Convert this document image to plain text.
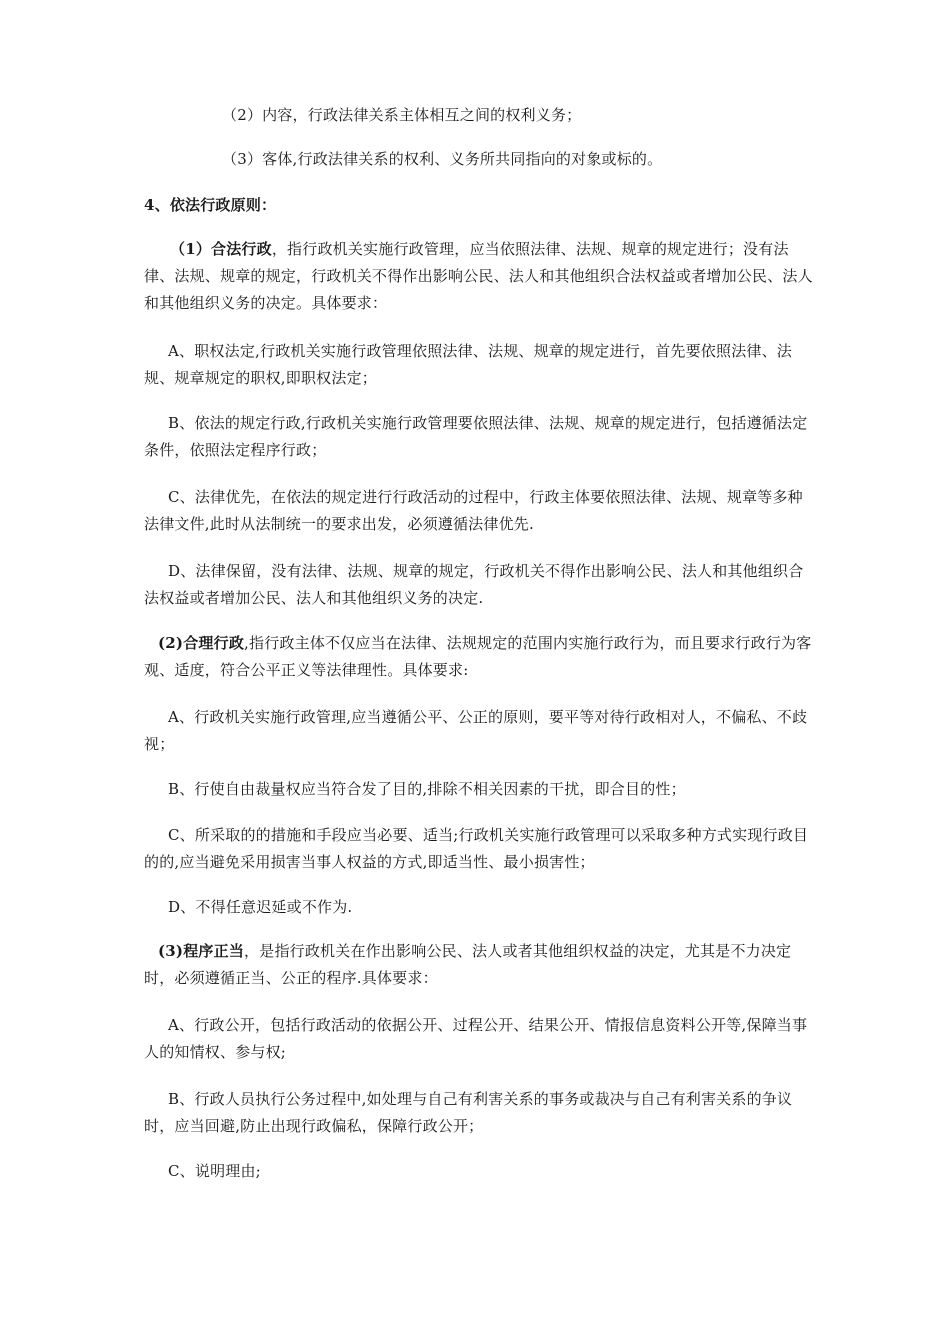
（2）内容，行政法律关系主体相互之间的权利义务；

（3）客体,行政法律关系的权利、义务所共同指向的对象或标的。

4、依法行政原则：

（1）合法行政，指行政机关实施行政管理，应当依照法律、法规、规章的规定进行；没有法律、法规、规章的规定，行政机关不得作出影响公民、法人和其他组织合法权益或者增加公民、法人和其他组织义务的决定。具体要求：

A、职权法定,行政机关实施行政管理依照法律、法规、规章的规定进行，首先要依照法律、法规、规章规定的职权,即职权法定；

B、依法的规定行政,行政机关实施行政管理要依照法律、法规、规章的规定进行，包括遵循法定条件，依照法定程序行政；

C、法律优先，在依法的规定进行行政活动的过程中，行政主体要依照法律、法规、规章等多种法律文件,此时从法制统一的要求出发，必须遵循法律优先.

D、法律保留，没有法律、法规、规章的规定，行政机关不得作出影响公民、法人和其他组织合法权益或者增加公民、法人和其他组织义务的决定.

(2)合理行政,指行政主体不仅应当在法律、法规规定的范围内实施行政行为，而且要求行政行为客观、适度，符合公平正义等法律理性。具体要求:

A、行政机关实施行政管理,应当遵循公平、公正的原则，要平等对待行政相对人，不偏私、不歧视；

B、行使自由裁量权应当符合发了目的,排除不相关因素的干扰，即合目的性；

C、所采取的的措施和手段应当必要、适当;行政机关实施行政管理可以采取多种方式实现行政目的的,应当避免采用损害当事人权益的方式,即适当性、最小损害性；

D、不得任意迟延或不作为.

(3)程序正当，是指行政机关在作出影响公民、法人或者其他组织权益的决定，尤其是不力决定时，必须遵循正当、公正的程序.具体要求：

A、行政公开，包括行政活动的依据公开、过程公开、结果公开、情报信息资料公开等,保障当事人的知情权、参与权;

B、行政人员执行公务过程中,如处理与自己有利害关系的事务或裁决与自己有利害关系的争议时，应当回避,防止出现行政偏私，保障行政公开；

C、说明理由;
